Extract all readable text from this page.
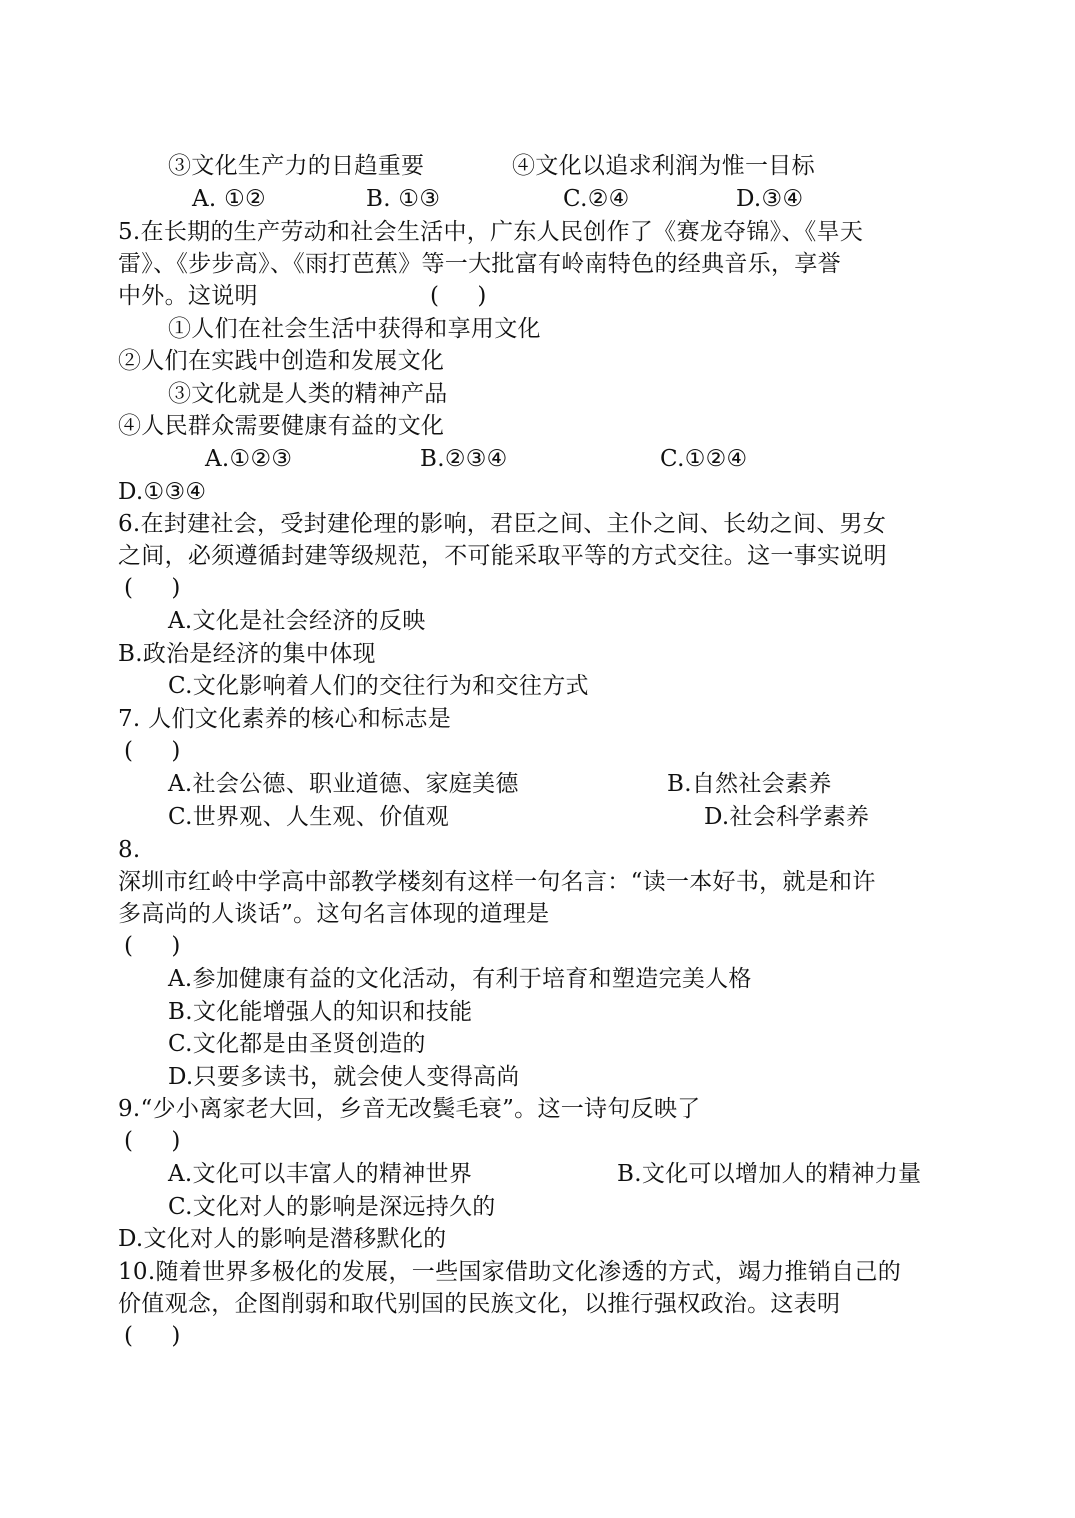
③文化生产力的日趋重要	④文化以追求利润为惟一目标
A. ①②	B. ①③	C.②④	D.③④
5.在长期的生产劳动和社会生活中，广东人民创作了《赛龙夺锦》、《旱天
雷》、《步步高》、《雨打芭蕉》等一大批富有岭南特色的经典音乐，享誉
中外。这说明	(     )
①人们在社会生活中获得和享用文化
②人们在实践中创造和发展文化
③文化就是人类的精神产品
④人民群众需要健康有益的文化
A.①②③	B.②③④	C.①②④
D.①③④
6.在封建社会，受封建伦理的影响，君臣之间、主仆之间、长幼之间、男女
之间，必须遵循封建等级规范，不可能采取平等的方式交往。这一事实说明
(     )
A.文化是社会经济的反映
B.政治是经济的集中体现
C.文化影响着人们的交往行为和交往方式
7. 人们文化素养的核心和标志是
(     )
A.社会公德、职业道德、家庭美德	B.自然社会素养
C.世界观、人生观、价值观	D.社会科学素养
8.
深圳市红岭中学高中部教学楼刻有这样一句名言：“读一本好书，就是和许
多高尚的人谈话”。这句名言体现的道理是
(     )
A.参加健康有益的文化活动，有利于培育和塑造完美人格
B.文化能增强人的知识和技能
C.文化都是由圣贤创造的
D.只要多读书，就会使人变得高尚
9.“少小离家老大回，乡音无改鬓毛衰”。这一诗句反映了
(     )
A.文化可以丰富人的精神世界	B.文化可以增加人的精神力量
C.文化对人的影响是深远持久的
D.文化对人的影响是潜移默化的
10.随着世界多极化的发展，一些国家借助文化渗透的方式，竭力推销自己的
价值观念，企图削弱和取代别国的民族文化，以推行强权政治。这表明
(     )
